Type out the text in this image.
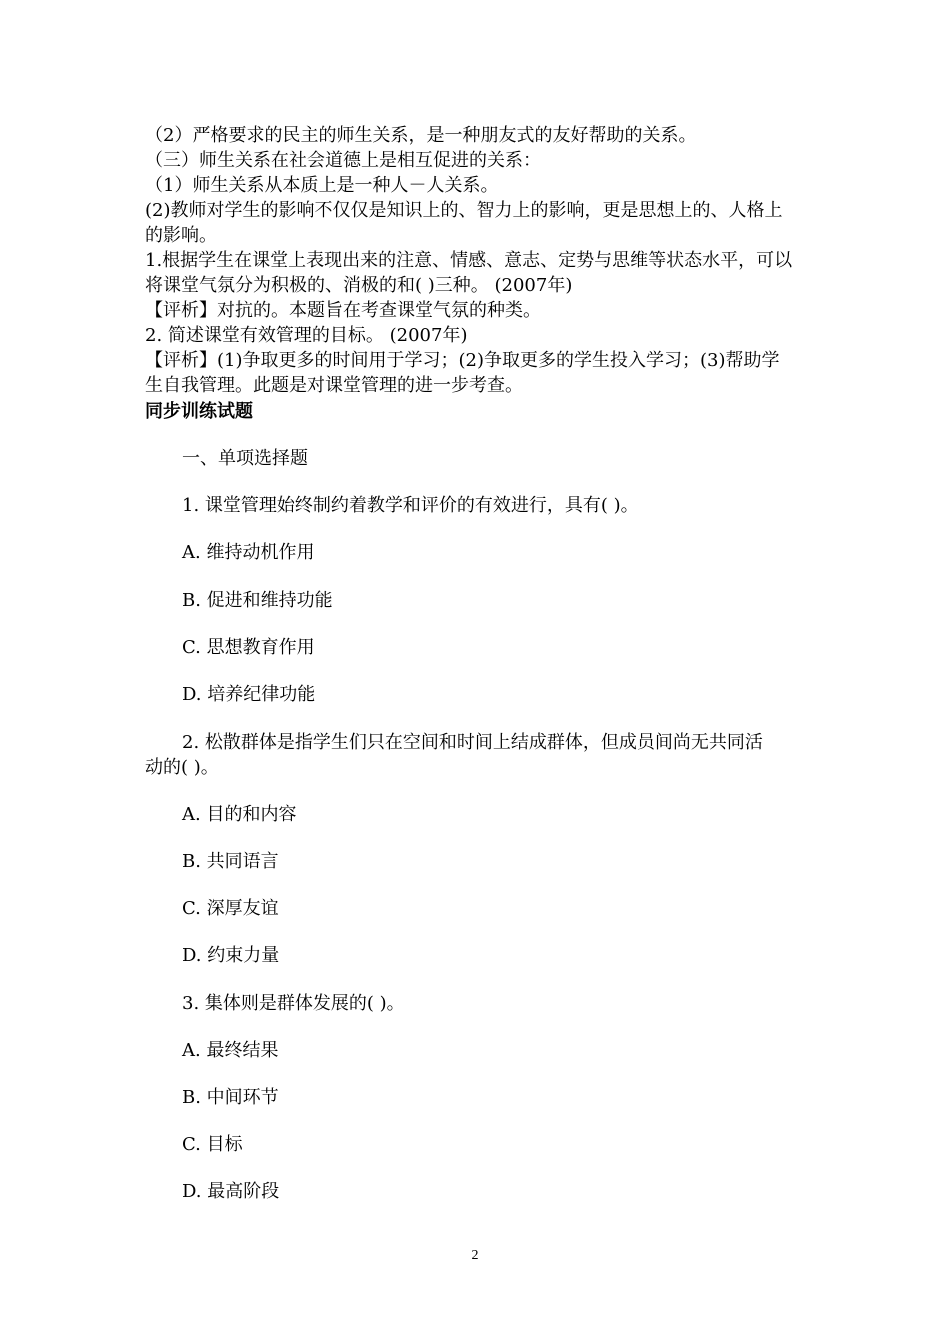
（2）严格要求的民主的师生关系，是一种朋友式的友好帮助的关系。

（三）师生关系在社会道德上是相互促进的关系：

（1）师生关系从本质上是一种人－人关系。

(2)教师对学生的影响不仅仅是知识上的、智力上的影响，更是思想上的、人格上

的影响。

1.根据学生在课堂上表现出来的注意、情感、意志、定势与思维等状态水平，可以

将课堂气氛分为积极的、消极的和( )三种。 (2007年)

【评析】对抗的。本题旨在考查课堂气氛的种类。

2. 简述课堂有效管理的目标。 (2007年)

【评析】(1)争取更多的时间用于学习；(2)争取更多的学生投入学习；(3)帮助学

生自我管理。此题是对课堂管理的进一步考查。

同步训练试题

一、单项选择题

1. 课堂管理始终制约着教学和评价的有效进行，具有( )。

A. 维持动机作用

B. 促进和维持功能

C. 思想教育作用

D. 培养纪律功能

2. 松散群体是指学生们只在空间和时间上结成群体，但成员间尚无共同活

动的( )。

A. 目的和内容

B. 共同语言

C. 深厚友谊

D. 约束力量

3. 集体则是群体发展的( )。

A. 最终结果

B. 中间环节

C. 目标

D. 最高阶段

2
